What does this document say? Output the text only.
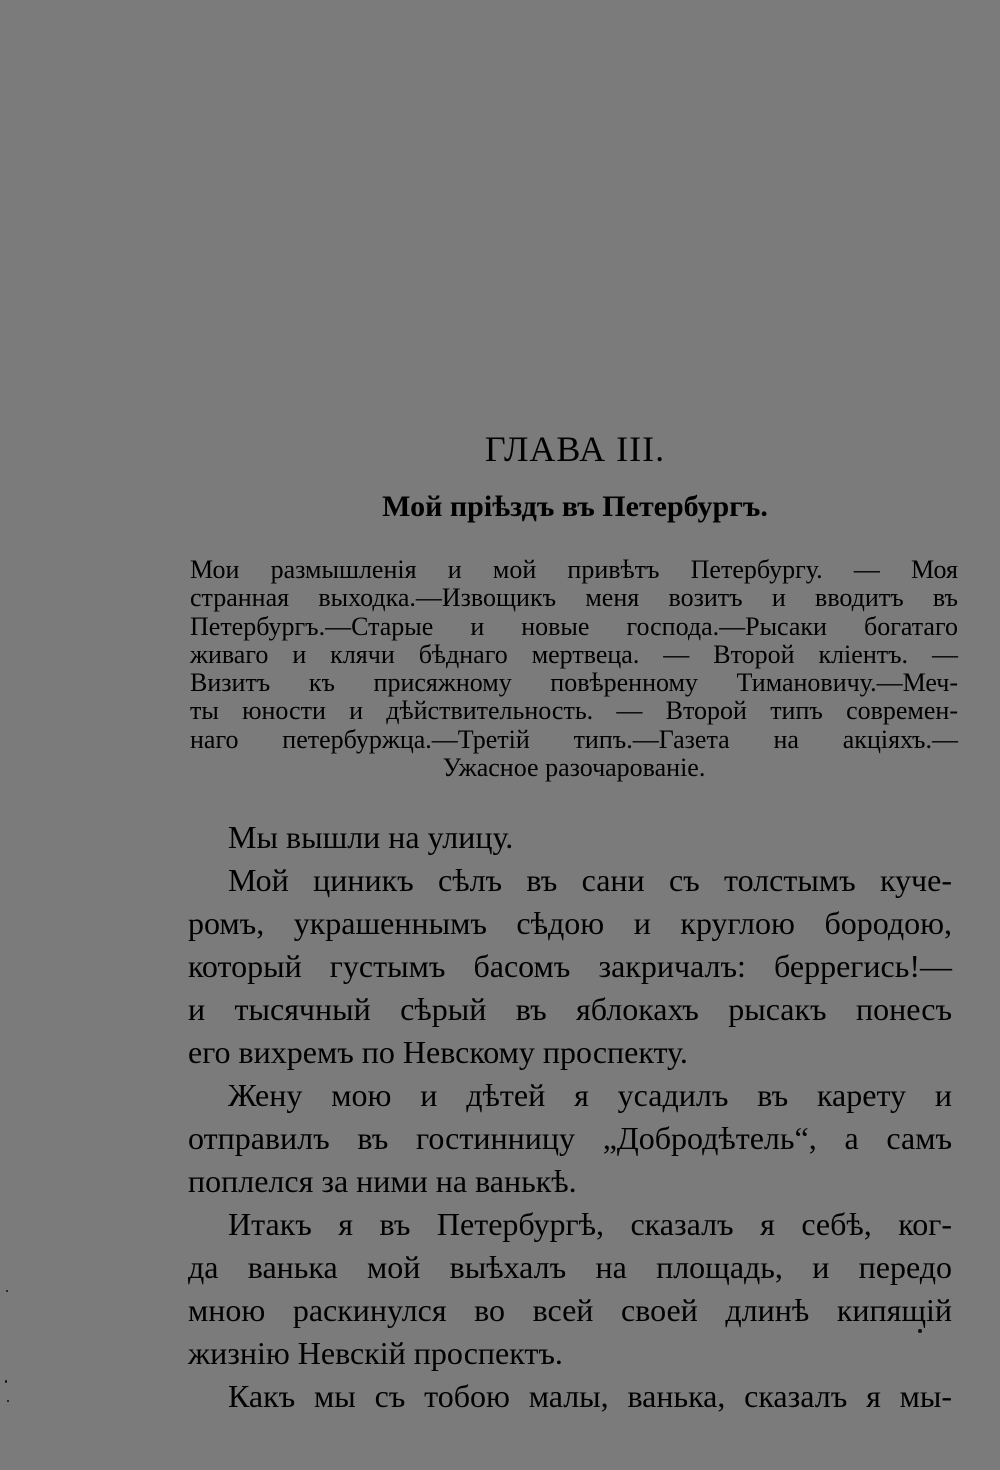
ГЛАВА III.
Мой пріѣздъ въ Петербургъ.
Мои размышленія и мой привѣтъ Петербургу. — Моя
странная выходка.—Извощикъ меня возитъ и вводитъ въ
Петербургъ.—Старые и новые господа.—Рысаки богатаго
живаго и клячи бѣднаго мертвеца. — Второй кліентъ. —
Визитъ къ присяжному повѣренному Тимановичу.—Меч-
ты юности и дѣйствительность. — Второй типъ современ-
наго петербуржца.—Третій типъ.—Газета на акціяхъ.—
Ужасное разочарованіе.
Мы вышли на улицу.
Мой циникъ сѣлъ въ сани съ толстымъ куче-
ромъ, украшеннымъ сѣдою и круглою бородою,
который густымъ басомъ закричалъ: беррегись!—
и тысячный сѣрый въ яблокахъ рысакъ понесъ
его вихремъ по Невскому проспекту.
Жену мою и дѣтей я усадилъ въ карету и
отправилъ въ гостинницу „Добродѣтель“, а самъ
поплелся за ними на ванькѣ.
Итакъ я въ Петербургѣ, сказалъ я себѣ, ког-
да ванька мой выѣхалъ на площадь, и передо
мною раскинулся во всей своей длинѣ кипящій
жизнію Невскій проспектъ.
Какъ мы съ тобою малы, ванька, сказалъ я мы-
